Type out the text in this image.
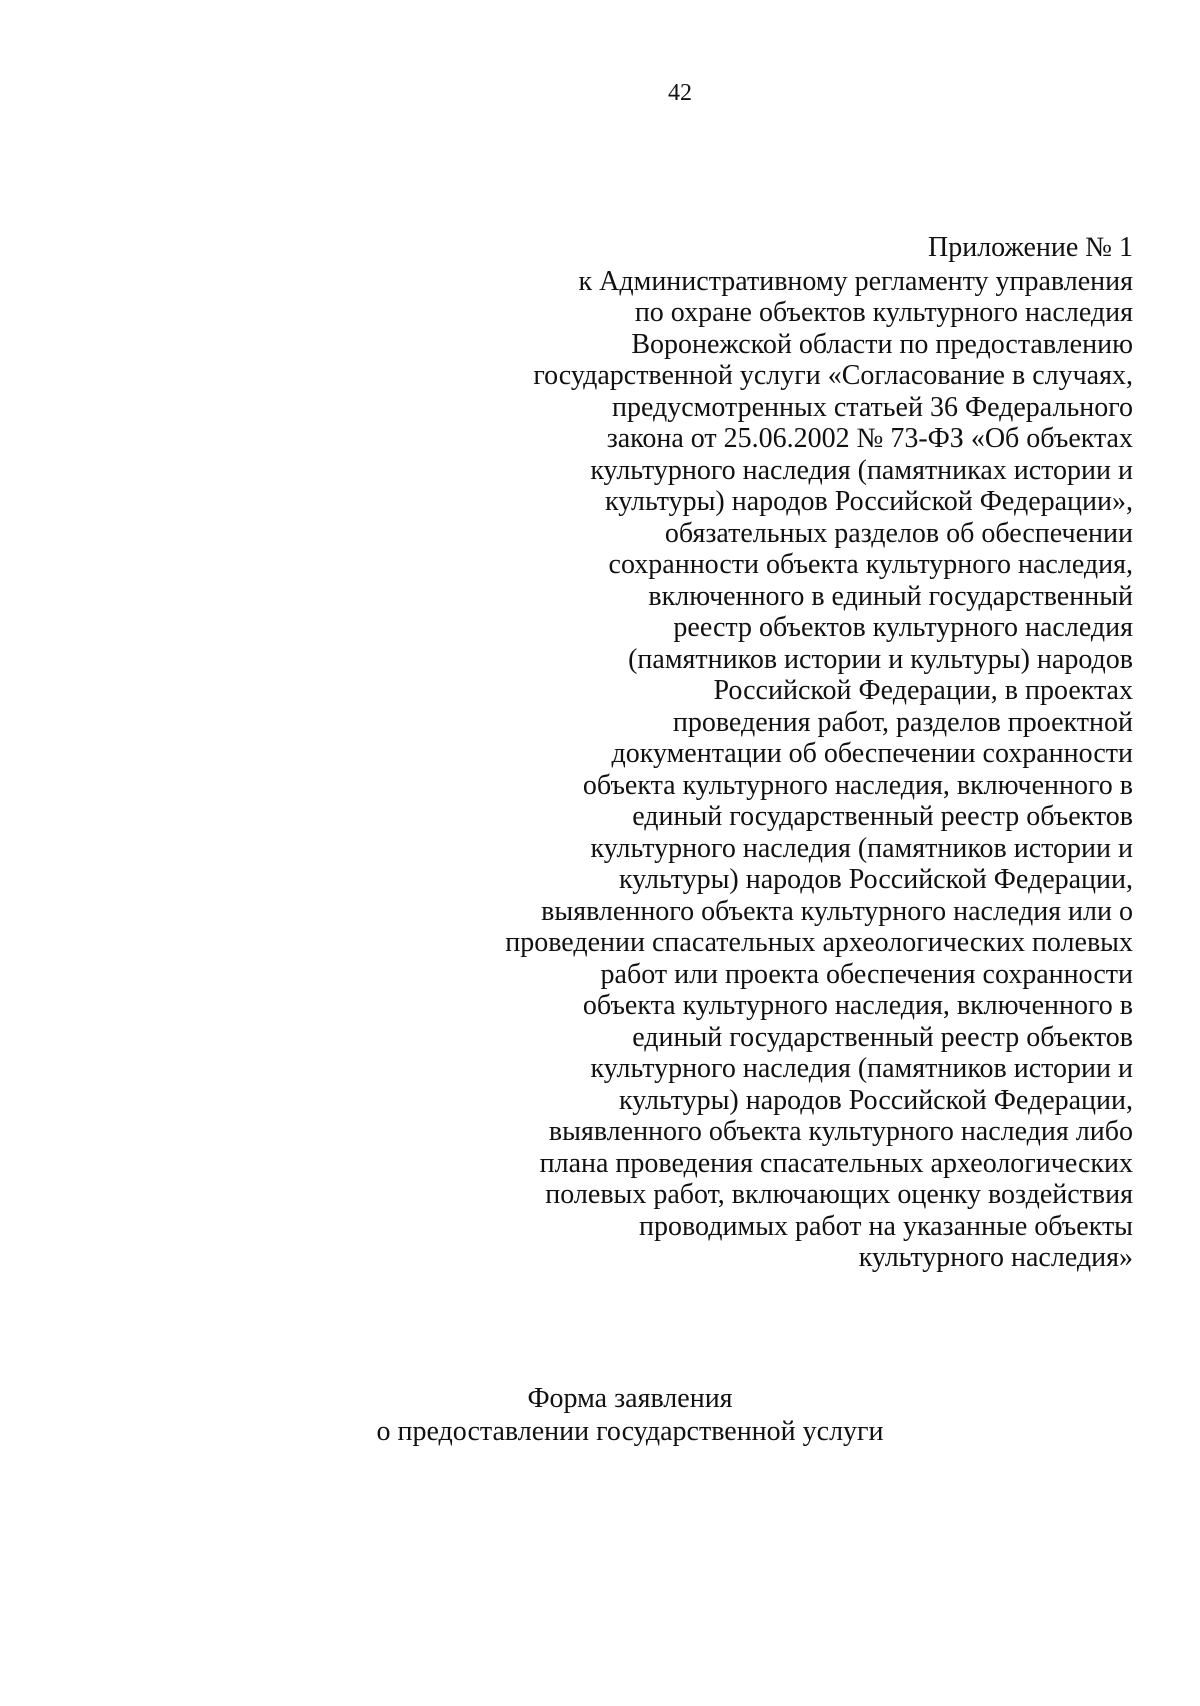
42
Приложение № 1
к Административному регламенту управления
по охране объектов культурного наследия
Воронежской области по предоставлению
государственной услуги «Согласование в случаях,
предусмотренных статьей 36 Федерального
закона от 25.06.2002 № 73-ФЗ «Об объектах
культурного наследия (памятниках истории и
культуры) народов Российской Федерации»,
обязательных разделов об обеспечении
сохранности объекта культурного наследия,
включенного в единый государственный
реестр объектов культурного наследия
(памятников истории и культуры) народов
Российской Федерации, в проектах
проведения работ, разделов проектной
документации об обеспечении сохранности
объекта культурного наследия, включенного в
единый государственный реестр объектов
культурного наследия (памятников истории и
культуры) народов Российской Федерации,
выявленного объекта культурного наследия или о
проведении спасательных археологических полевых
работ или проекта обеспечения сохранности
объекта культурного наследия, включенного в
единый государственный реестр объектов
культурного наследия (памятников истории и
культуры) народов Российской Федерации,
выявленного объекта культурного наследия либо
плана проведения спасательных археологических
полевых работ, включающих оценку воздействия
проводимых работ на указанные объекты
культурного наследия»
Форма заявления
о предоставлении государственной услуги
